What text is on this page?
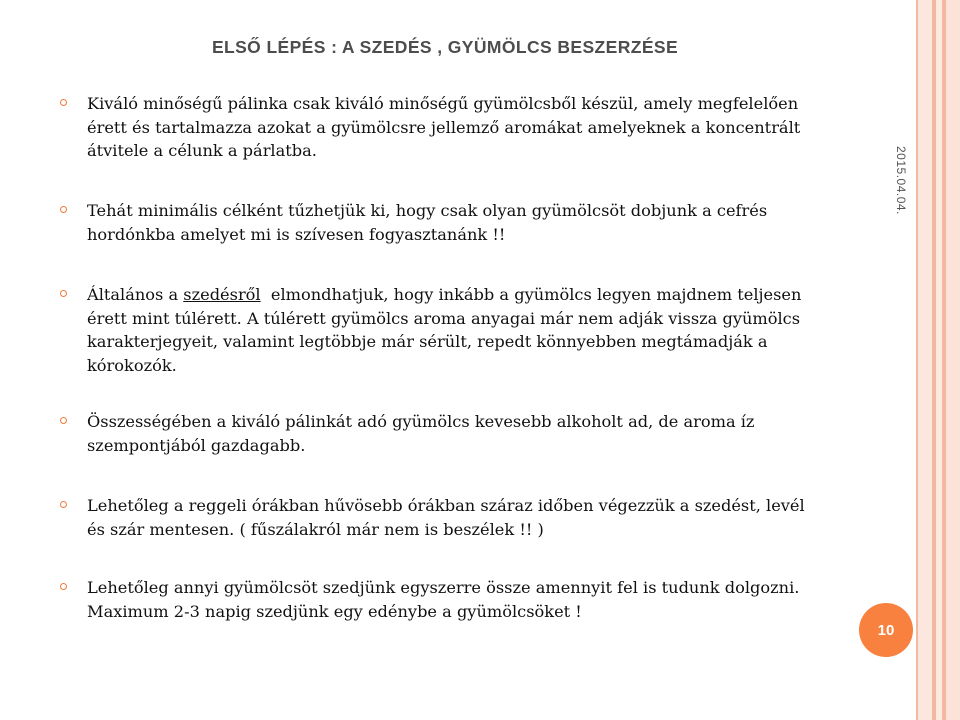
ELSŐ LÉPÉS : A SZEDÉS , GYÜMÖLCS BESZERZÉSE
Kiváló minőségű pálinka csak kiváló minőségű gyümölcsből készül, amely megfelelően érett és tartalmazza azokat a gyümölcsre jellemző aromákat amelyeknek a koncentrált átvitele a célunk a párlatba.
Tehát minimális célként tűzhetjük ki, hogy csak olyan gyümölcsöt dobjunk a cefrés hordónkba amelyet mi is szívesen fogyasztanánk !!
Általános a szedésről  elmondhatjuk, hogy inkább a gyümölcs legyen majdnem teljesen érett mint túlérett. A túlérett gyümölcs aroma anyagai már nem adják vissza gyümölcs karakterjegyeit, valamint legtöbbje már sérült, repedt könnyebben megtámadják a kórokozók.
Összességében a kiváló pálinkát adó gyümölcs kevesebb alkoholt ad, de aroma íz szempontjából gazdagabb.
Lehetőleg a reggeli órákban hűvösebb órákban száraz időben végezzük a szedést, levél és szár mentesen. ( fűszálakról már nem is beszélek !! )
Lehetőleg annyi gyümölcsöt szedjünk egyszerre össze amennyit fel is tudunk dolgozni. Maximum 2-3 napig szedjünk egy edénybe a gyümölcsöket !
2015.04.04.
10
